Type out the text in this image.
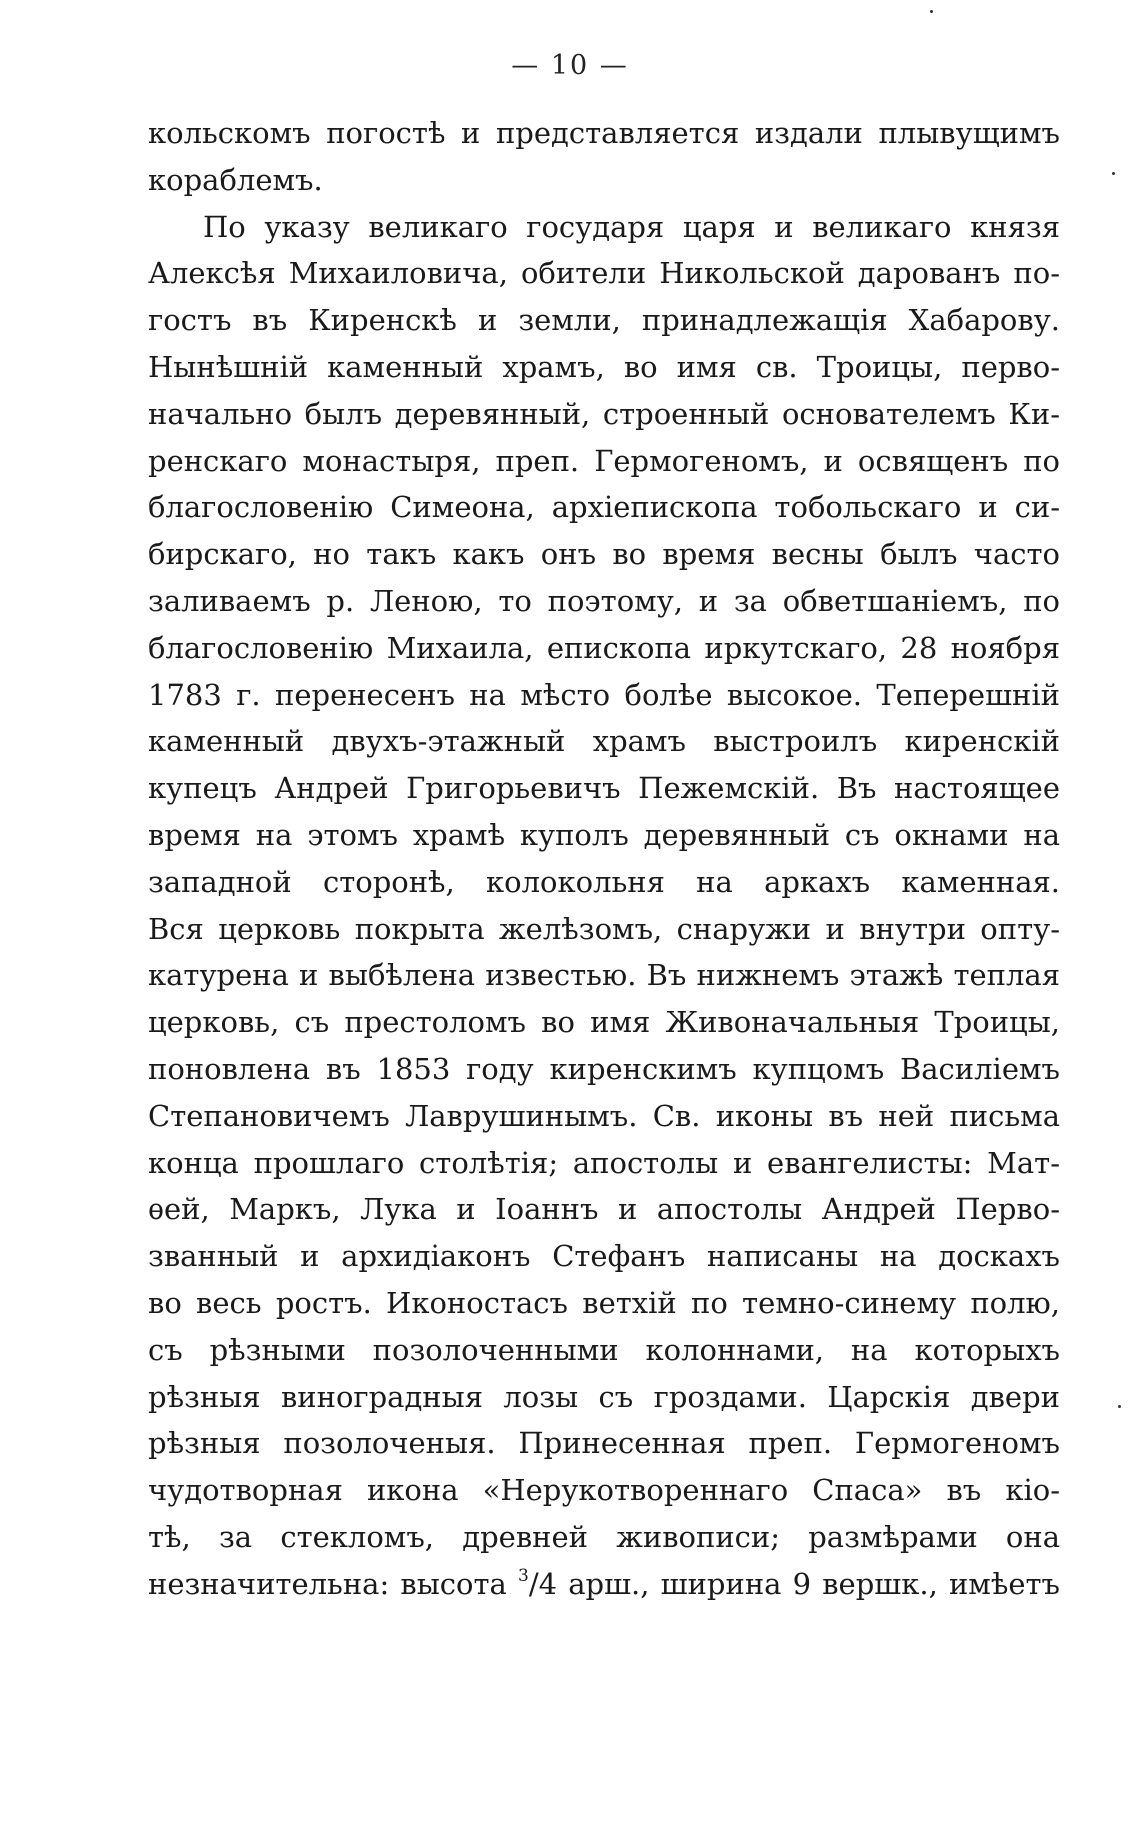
— 10 —
кольскомъ погостѣ и представляется издали плывущимъ
кораблемъ.
По указу великаго государя царя и великаго князя
Алексѣя Михаиловича, обители Никольской дарованъ по-
гостъ въ Киренскѣ и земли, принадлежащія Хабарову.
Нынѣшній каменный храмъ, во имя св. Троицы, перво-
начально былъ деревянный, строенный основателемъ Ки-
ренскаго монастыря, преп. Гермогеномъ, и освященъ по
благословенію Симеона, архіепископа тобольскаго и си-
бирскаго, но такъ какъ онъ во время весны былъ часто
заливаемъ р. Леною, то поэтому, и за обветшаніемъ, по
благословенію Михаила, епископа иркутскаго, 28 ноября
1783 г. перенесенъ на мѣсто болѣе высокое. Теперешній
каменный двухъ-этажный храмъ выстроилъ киренскій
купецъ Андрей Григорьевичъ Пежемскій. Въ настоящее
время на этомъ храмѣ куполъ деревянный съ окнами на
западной сторонѣ, колокольня на аркахъ каменная.
Вся церковь покрыта желѣзомъ, снаружи и внутри опту-
катурена и выбѣлена известью. Въ нижнемъ этажѣ теплая
церковь, съ престоломъ во имя Живоначальныя Троицы,
поновлена въ 1853 году киренскимъ купцомъ Василіемъ
Степановичемъ Лаврушинымъ. Св. иконы въ ней письма
конца прошлаго столѣтія; апостолы и евангелисты: Мат-
ѳей, Маркъ, Лука и Іоаннъ и апостолы Андрей Перво-
званный и архидіаконъ Стефанъ написаны на доскахъ
во весь ростъ. Иконостасъ ветхій по темно-синему полю,
съ рѣзными позолоченными колоннами, на которыхъ
рѣзныя виноградныя лозы съ гроздами. Царскія двери
рѣзныя позолоченыя. Принесенная преп. Гермогеномъ
чудотворная икона «Нерукотвореннаго Спаса» въ кіо-
тѣ, за стекломъ, древней живописи; размѣрами она
незначительна: высота $^3$/4 арш., ширина 9 вершк., имѣетъ
